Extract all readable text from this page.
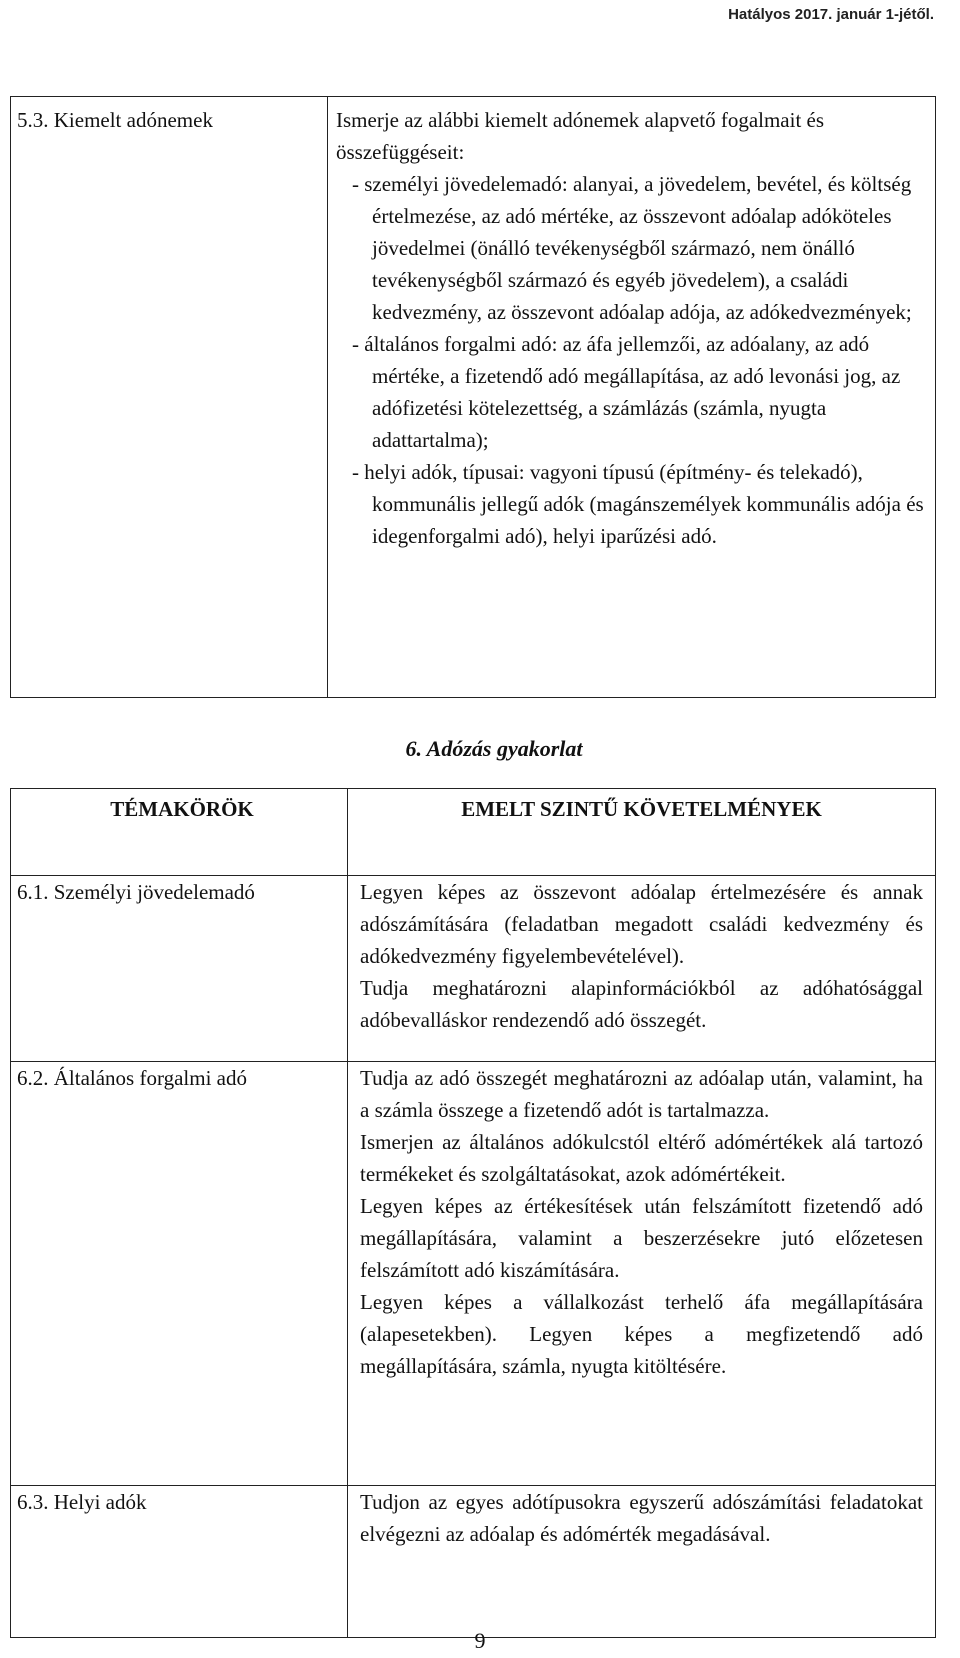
Hatályos 2017. január 1-jétől.
5.3. Kiemelt adónemek	Ismerje az alábbi kiemelt adónemek alapvető fogalmait és összefüggéseit:
- személyi jövedelemadó: alanyai, a jövedelem, bevétel, és költség értelmezése, az adó mértéke, az összevont adóalap adóköteles jövedelmei (önálló tevékenységből származó, nem önálló tevékenységből származó és egyéb jövedelem), a családi kedvezmény, az összevont adóalap adója, az adókedvezmények;
- általános forgalmi adó: az áfa jellemzői, az adóalany, az adó mértéke, a fizetendő adó megállapítása, az adó levonási jog, az adófizetési kötelezettség, a számlázás (számla, nyugta adattartalma);
- helyi adók, típusai: vagyoni típusú (építmény- és telekadó), kommunális jellegű adók (magánszemélyek kommunális adója és idegenforgalmi adó), helyi iparűzési adó.
6. Adózás gyakorlat
TÉMAKÖRÖK	EMELT SZINTŰ KÖVETELMÉNYEK
6.1. Személyi jövedelemadó	Legyen képes az összevont adóalap értelmezésére és annak adószámítására (feladatban megadott családi kedvezmény és adókedvezmény figyelembevételével).

Tudja meghatározni alapinformációkból az adóhatósággal adóbevalláskor rendezendő adó összegét.

6.2. Általános forgalmi adó	Tudja az adó összegét meghatározni az adóalap után, valamint, ha a számla összege a fizetendő adót is tartalmazza.

Ismerjen az általános adókulcstól eltérő adómértékek alá tartozó termékeket és szolgáltatásokat, azok adómértékeit.

Legyen képes az értékesítések után felszámított fizetendő adó megállapítására, valamint a beszerzésekre jutó előzetesen felszámított adó kiszámítására.

Legyen képes a vállalkozást terhelő áfa megállapítására (alapesetekben). Legyen képes a megfizetendő adó megállapítására, számla, nyugta kitöltésére.

6.3. Helyi adók	Tudjon az egyes adótípusokra egyszerű adószámítási feladatokat elvégezni az adóalap és adómérték megadásával.

9
